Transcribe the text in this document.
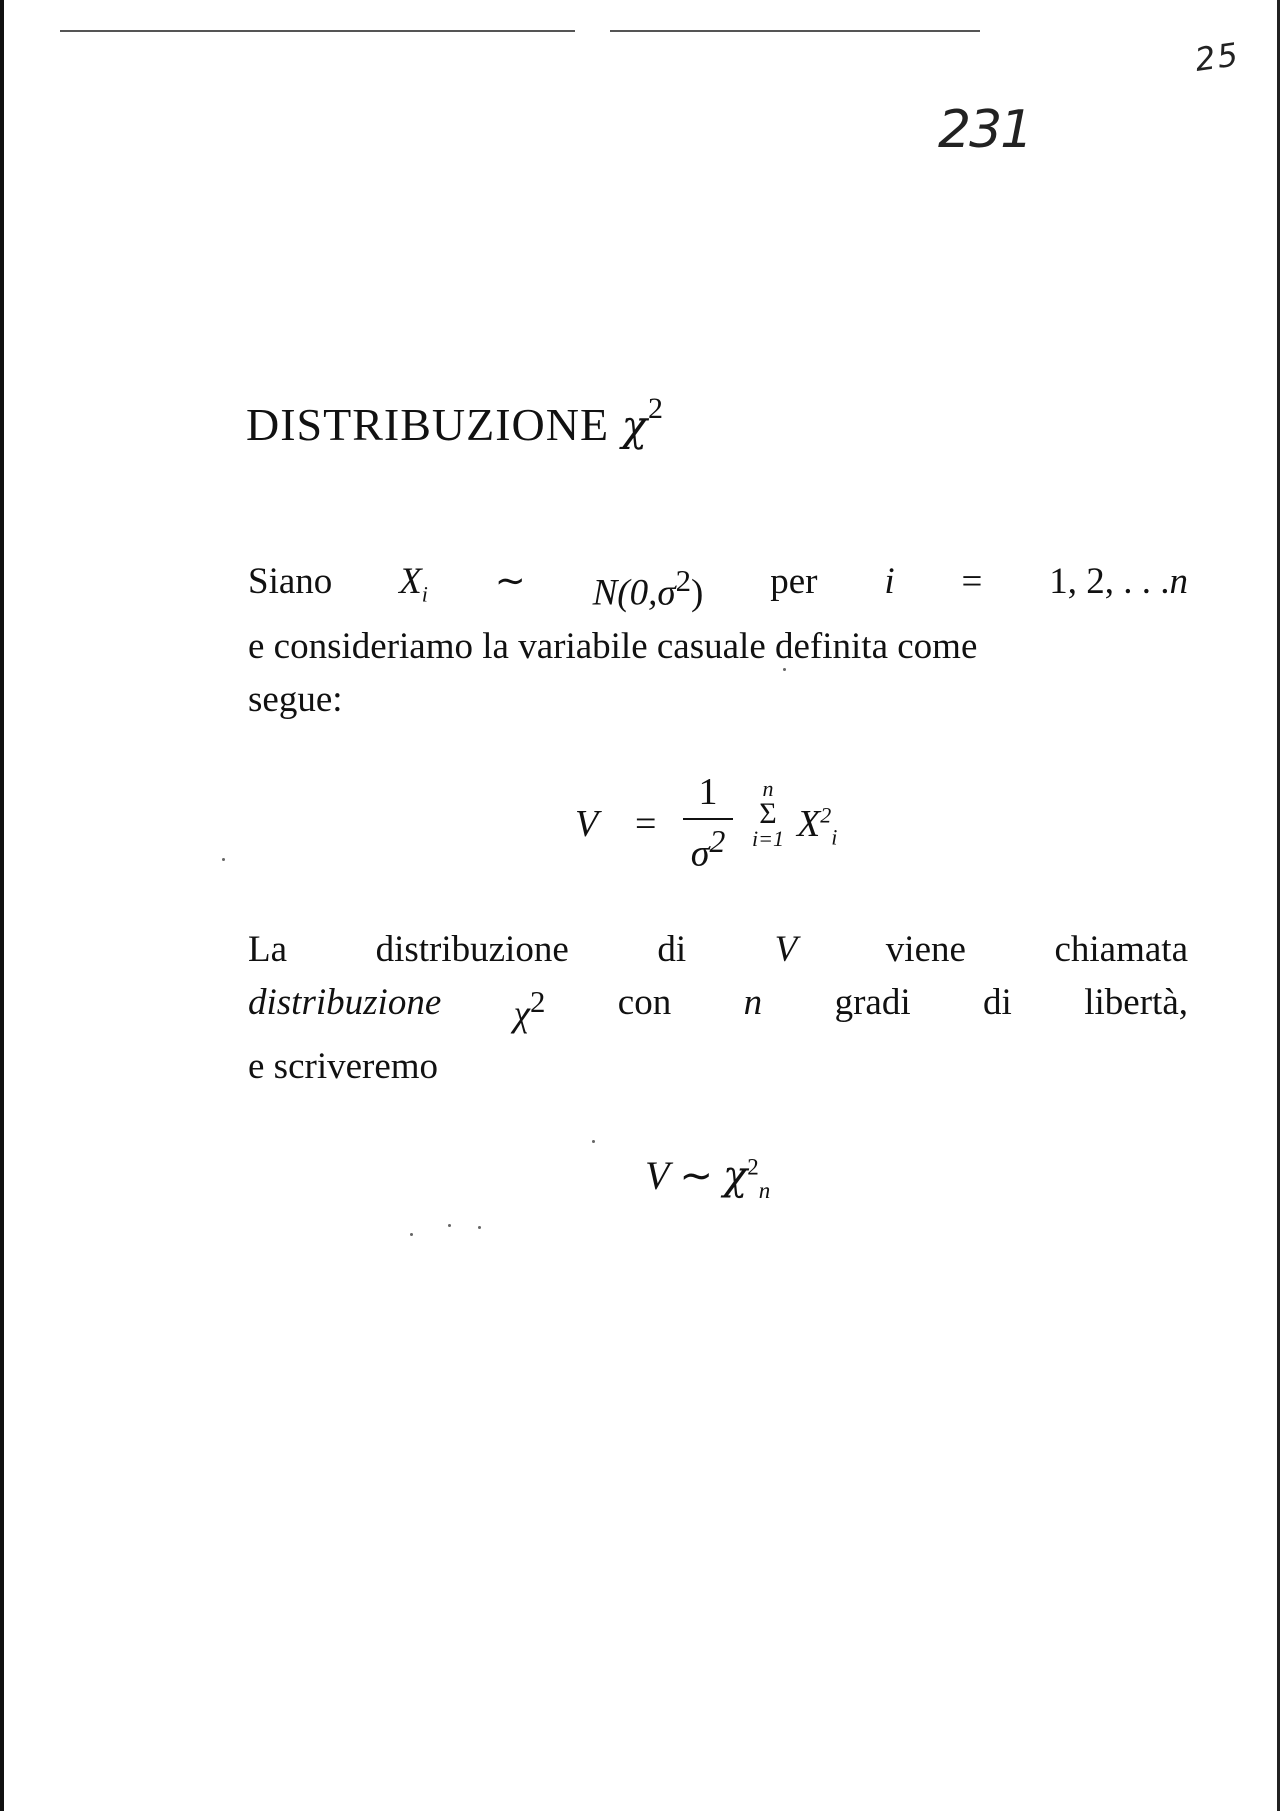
25
231
DISTRIBUZIONE $\chi^2$
Siano $X_i$ ∼ $N(0,\sigma^2)$ per i = 1, 2, . . .n
e consideriamo la variabile casuale definita come
segue:
V =
1
$\sigma^2$
n
Σ
i=1 $X^2_i$
La distribuzione di V viene chiamata
distribuzione $\chi^2$ con n gradi di libertà,
e scriveremo
V ∼ $\chi^2_n$
